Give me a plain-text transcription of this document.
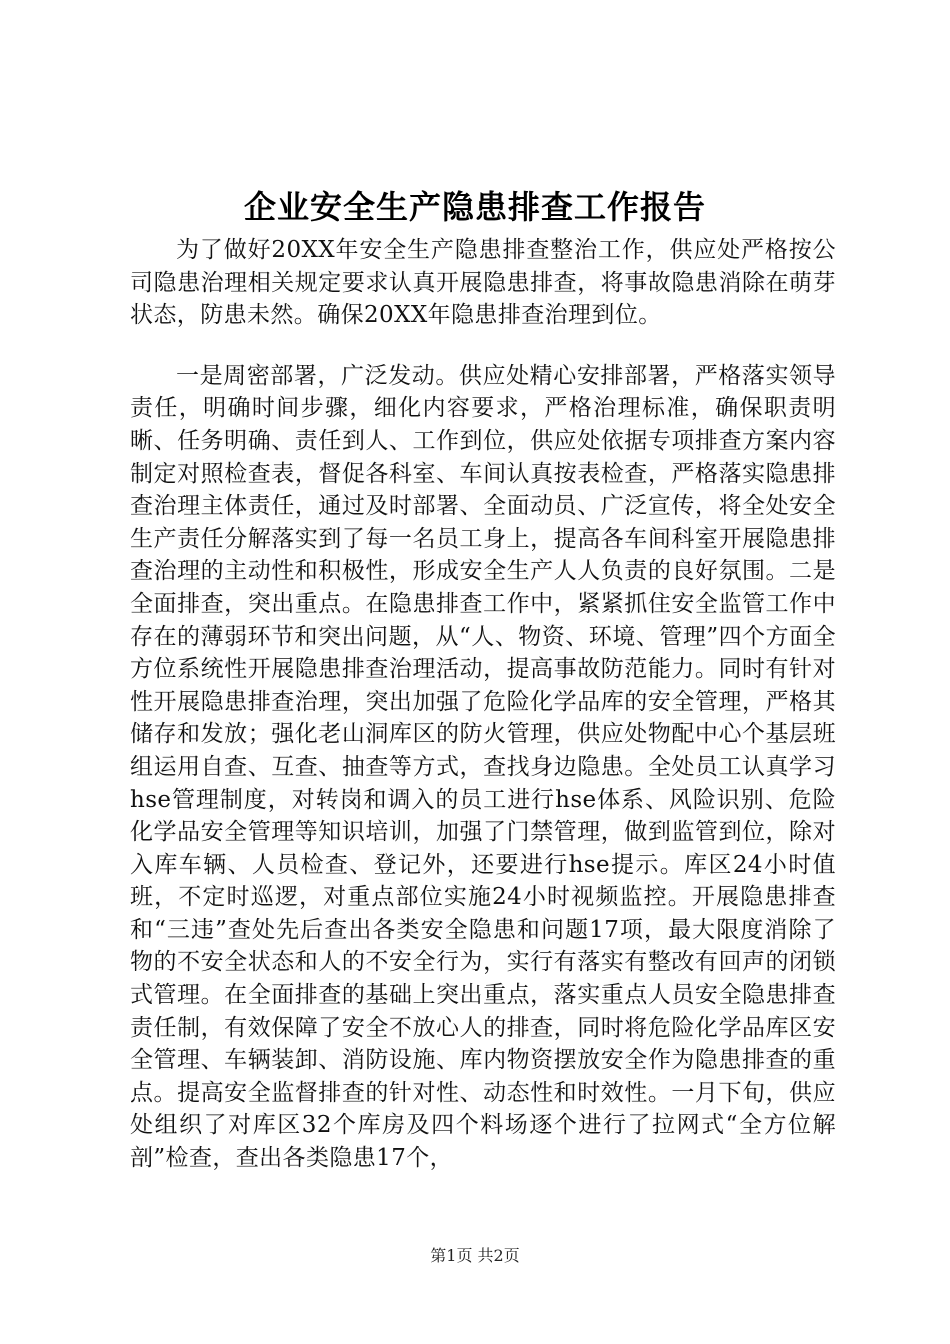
企业安全生产隐患排查工作报告

为了做好20XX年安全生产隐患排查整治工作，供应处严格按公司隐患治理相关规定要求认真开展隐患排查，将事故隐患消除在萌芽状态，防患未然。确保20XX年隐患排查治理到位。

一是周密部署，广泛发动。供应处精心安排部署，严格落实领导责任，明确时间步骤，细化内容要求，严格治理标准，确保职责明晰、任务明确、责任到人、工作到位，供应处依据专项排查方案内容制定对照检查表，督促各科室、车间认真按表检查，严格落实隐患排查治理主体责任，通过及时部署、全面动员、广泛宣传，将全处安全生产责任分解落实到了每一名员工身上，提高各车间科室开展隐患排查治理的主动性和积极性，形成安全生产人人负责的良好氛围。二是全面排查，突出重点。在隐患排查工作中，紧紧抓住安全监管工作中存在的薄弱环节和突出问题，从“人、物资、环境、管理”四个方面全方位系统性开展隐患排查治理活动，提高事故防范能力。同时有针对性开展隐患排查治理，突出加强了危险化学品库的安全管理，严格其储存和发放；强化老山洞库区的防火管理，供应处物配中心个基层班组运用自查、互查、抽查等方式，查找身边隐患。全处员工认真学习hse管理制度，对转岗和调入的员工进行hse体系、风险识别、危险化学品安全管理等知识培训，加强了门禁管理，做到监管到位，除对入库车辆、人员检查、登记外，还要进行hse提示。库区24小时值班，不定时巡逻，对重点部位实施24小时视频监控。开展隐患排查和“三违”查处先后查出各类安全隐患和问题17项，最大限度消除了物的不安全状态和人的不安全行为，实行有落实有整改有回声的闭锁式管理。在全面排查的基础上突出重点，落实重点人员安全隐患排查责任制，有效保障了安全不放心人的排查，同时将危险化学品库区安全管理、车辆装卸、消防设施、库内物资摆放安全作为隐患排查的重点。提高安全监督排查的针对性、动态性和时效性。一月下旬，供应处组织了对库区32个库房及四个料场逐个进行了拉网式“全方位解剖”检查，查出各类隐患17个，

第1页 共2页
